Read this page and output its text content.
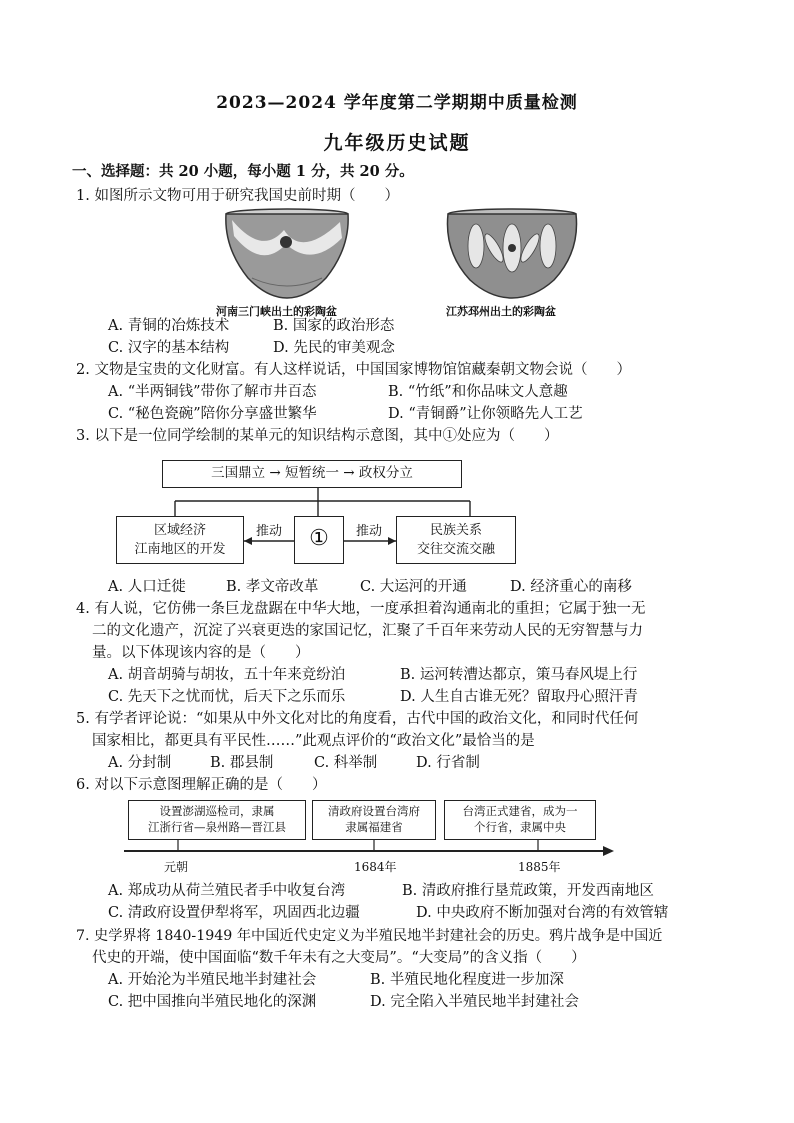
2023—2024 学年度第二学期期中质量检测
九年级历史试题
一、选择题：共 20 小题，每小题 1 分，共 20 分。
1. 如图所示文物可用于研究我国史前时期（　　）
河南三门峡出土的彩陶盆	江苏邳州出土的彩陶盆
A. 青铜的冶炼技术	B. 国家的政治形态
C. 汉字的基本结构	D. 先民的审美观念
2. 文物是宝贵的文化财富。有人这样说话，中国国家博物馆馆藏秦朝文物会说（　　）
A. “半两铜钱”带你了解市井百态	B. “竹纸”和你品味文人意趣
C. “秘色瓷碗”陪你分享盛世繁华	D. “青铜爵”让你领略先人工艺
3. 以下是一位同学绘制的某单元的知识结构示意图，其中①处应为（　　）
三国鼎立 → 短暂统一 → 政权分立
区域经济
江南地区的开发	①	民族关系
交往交流交融
推动	推动
A. 人口迁徙	B. 孝文帝改革	C. 大运河的开通	D. 经济重心的南移
4. 有人说，它仿佛一条巨龙盘踞在中华大地，一度承担着沟通南北的重担；它属于独一无
二的文化遗产，沉淀了兴衰更迭的家国记忆，汇聚了千百年来劳动人民的无穷智慧与力
量。以下体现该内容的是（　　）
A. 胡音胡骑与胡妆，五十年来竞纷泊	B. 运河转漕达都京，策马春风堤上行
C. 先天下之忧而忧，后天下之乐而乐	D. 人生自古谁无死？留取丹心照汗青
5. 有学者评论说：“如果从中外文化对比的角度看，古代中国的政治文化，和同时代任何
国家相比，都更具有平民性……”此观点评价的“政治文化”最恰当的是
A. 分封制	B. 郡县制	C. 科举制	D. 行省制
6. 对以下示意图理解正确的是（　　）
设置澎湖巡检司，隶属
江浙行省—泉州路—晋江县
清政府设置台湾府
隶属福建省
台湾正式建省，成为一
个行省，隶属中央
元朝	1684年	1885年
A. 郑成功从荷兰殖民者手中收复台湾	B. 清政府推行垦荒政策，开发西南地区
C. 清政府设置伊犁将军，巩固西北边疆	D. 中央政府不断加强对台湾的有效管辖
7. 史学界将 1840-1949 年中国近代史定义为半殖民地半封建社会的历史。鸦片战争是中国近
代史的开端，使中国面临“数千年未有之大变局”。“大变局”的含义指（　　）
A. 开始沦为半殖民地半封建社会	B. 半殖民地化程度进一步加深
C. 把中国推向半殖民地化的深渊	D. 完全陷入半殖民地半封建社会
